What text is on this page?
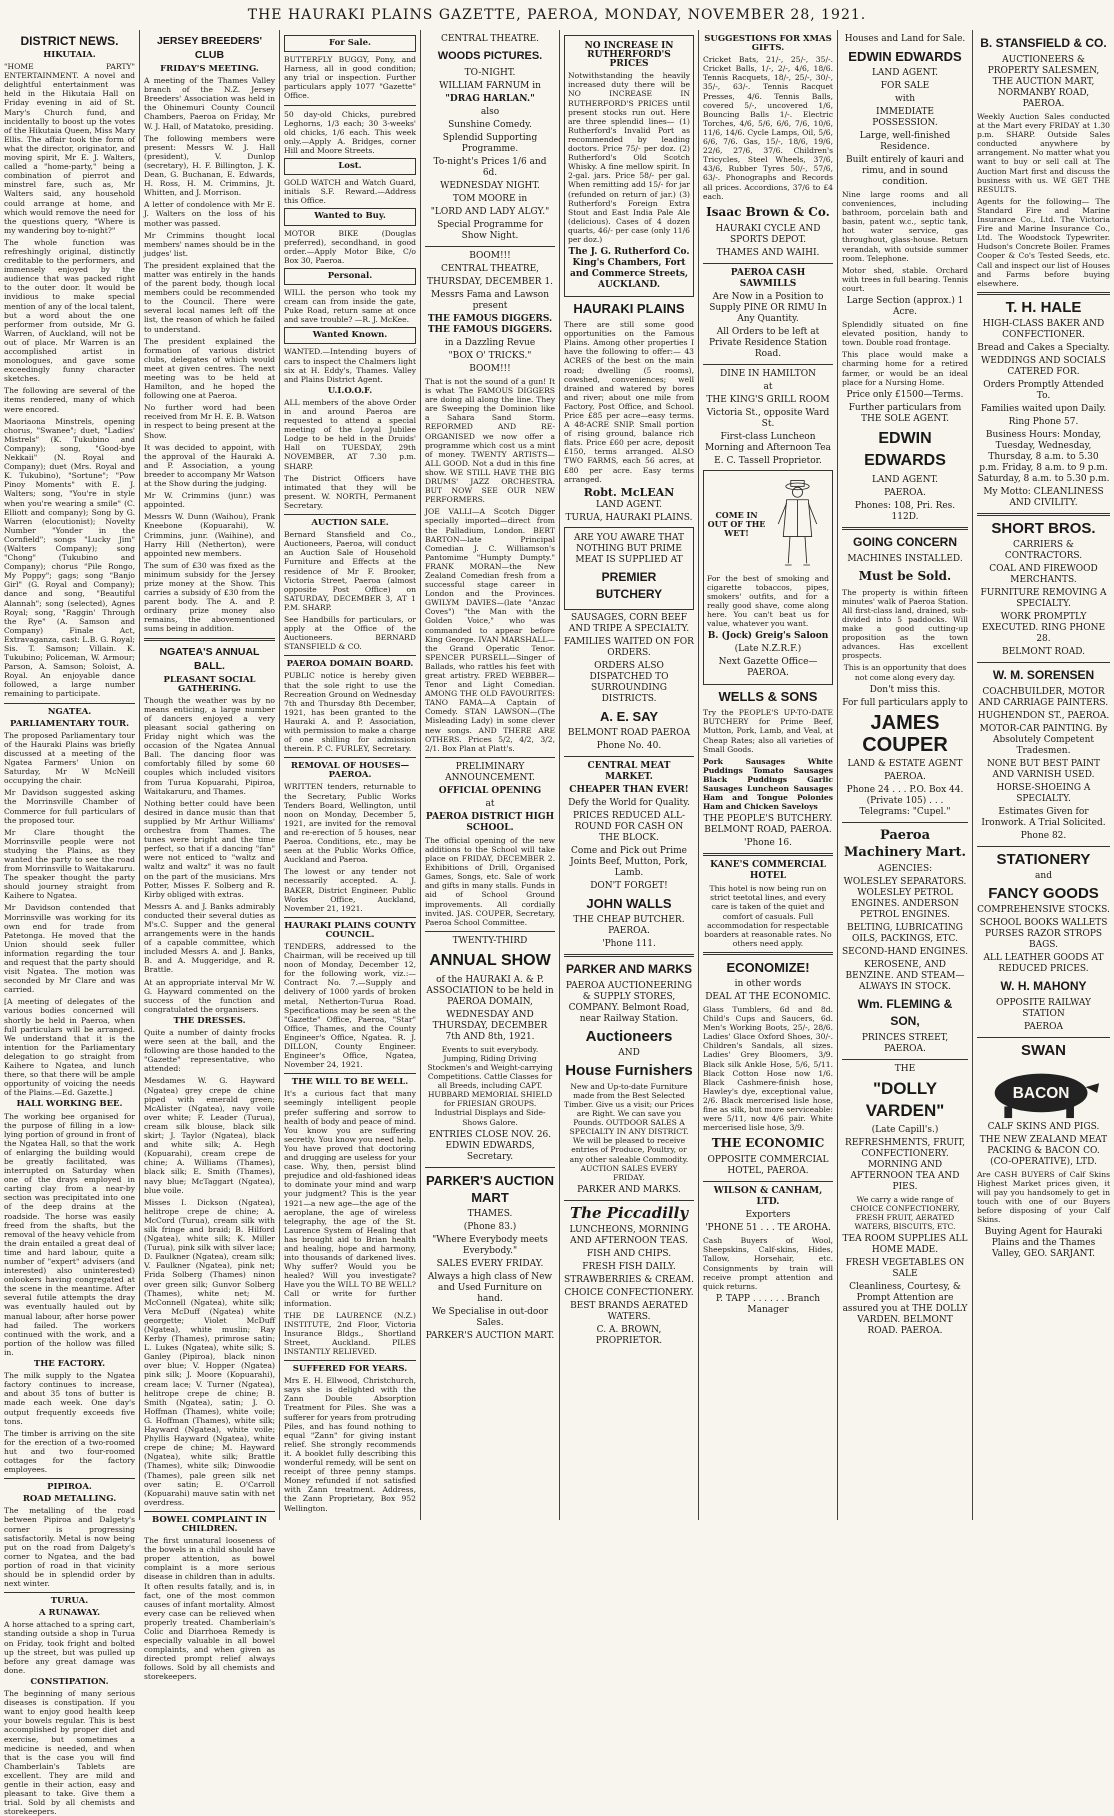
THE HAURAKI PLAINS GAZETTE, PAEROA, MONDAY, NOVEMBER 28, 1921.
DISTRICT NEWS.
HIKUTAIA.

"HOME PARTY" ENTERTAINMENT. A novel and delightful entertainment was held in the Hikutaia Hall on Friday evening in aid of St. Mary's Church fund, and incidentally to boost up the votes of the Hikutaia Queen, Miss Mary Ellis. The affair took the form of what the director, originator, and moving spirit, Mr E. J. Walters, called a "home-party," being a combination of pierrot and minstrel fare, such as, Mr Walters said, any household could arrange at home, and which would remove the need for the questions query, "Where is my wandering boy to-night?"

The whole function was refreshingly original, distinctly creditable to the performers, and immensely enjoyed by the audience that was packed right to the outer door. It would be invidious to make special mention of any of the local talent, but a word about the one performer from outside, Mr G. Warren, of Auckland, will not be out of place. Mr Warren is an accomplished artist in monologues, and gave some exceedingly funny character sketches.

The following are several of the items rendered, many of which were encored.

Maoriaona Minstrels, opening chorus, "Swanee"; duet, "Ladies' Mistrels" (K. Tukubino and Company); song, "Good-bye Nekkaii" (N. Royal and Company); duet (Mrs. Royal and K. Tukubino), "Sortune"; "Pow Pinoy Moments" with E. J. Walters; song, "You're in style when you're wearing a smile" (C. Elliott and company); Song by G. Warren (elocutionist); Novelty Number "Yonder in the Cornfield"; songs "Lucky Jim" (Walters Company); song "Chong" (Tukubino and Company); chorus "Pile Rongo, My Poppy"; gags; song "Banjo Girl" (G. Royal and Company); dance and song, "Beautiful Alannah"; song (selected), Agnes Royal; song, "Raggin' Through the Rye" (A. Samson and Company) Finale Act, Extravaganza, cast: L.B. G. Royal; Sis. T. Samson; Villain. K. Tukubino; Policeman, W. Armour; Parson, A. Samson; Soloist, A. Royal. An enjoyable dance followed, a large number remaining to participate.

NGATEA.
PARLIAMENTARY TOUR.

The proposed Parliamentary tour of the Hauraki Plains was briefly discussed at a meeting of the Ngatea Farmers' Union on Saturday, Mr W McNeill occupying the chair.

Mr Davidson suggested asking the Morrinsville Chamber of Commerce for full particulars of the proposed tour.

Mr Clare thought the Morrinsville people were not studying the Plains, as they wanted the party to see the road from Morrinsville to Waitakaruru. The speaker thought the party should journey straight from Kaihere to Ngatea.

Mr Davidson contended that Morrinsville was working for its own end for trade from Patetonga. He moved that the Union should seek fuller information regarding the tour and request that the party should visit Ngatea. The motion was seconded by Mr Clare and was carried.

[A meeting of delegates of the various bodies concerned will shortly be held in Paeroa, when full particulars will be arranged. We understand that it is the intention for the Parliamentary delegation to go straight from Kaihere to Ngatea, and lunch there, so that there will be ample opportunity of voicing the needs of the Plains.—Ed. Gazette.]

HALL WORKING BEE.

The working bee organised for the purpose of filling in a low-lying portion of ground in front of the Ngatea Hall, so that the work of enlarging the building would be greatly facilitated, was interrupted on Saturday when one of the drays employed in carting clay from a near-by section was precipitated into one of the deep drains at the roadside. The horse was easily freed from the shafts, but the removal of the heavy vehicle from the drain entailed a great deal of time and hard labour, quite a number of "expert" advisers (and interested) also uninterested) onlookers having congregated at the scene in the meantime. After several futile attempts the dray was eventually hauled out by manual labour, after horse power had failed. The workers continued with the work, and a portion of the hollow was filled in.

THE FACTORY.

The milk supply to the Ngatea factory continues to increase, and about 35 tons of butter is made each week. One day's output frequently exceeds five tons.

The timber is arriving on the site for the erection of a two-roomed hut and two four-roomed cottages for the factory employees.

PIPIROA.
ROAD METALLING.

The metalling of the road between Pipiroa and Dalgety's corner is progressing satisfactorily. Metal is now being put on the road from Dalgety's corner to Ngatea, and the bad portion of road in that vicinity should be in splendid order by next winter.

TURUA.
A RUNAWAY.

A horse attached to a spring cart, standing outside a shop in Turua on Friday, took fright and bolted up the street, but was pulled up before any great damage was done.

CONSTIPATION.

The beginning of many serious diseases is constipation. If you want to enjoy good health keep your bowels regular. This is best accomplished by proper diet and exercise, but sometimes a medicine is needed, and when that is the case you will find Chamberlain's Tablets are excellent. They are mild and gentle in their action, easy and pleasant to take. Give them a trial. Sold by all chemists and storekeepers.

JERSEY BREEDERS' CLUB
FRIDAY'S MEETING.

A meeting of the Thames Valley branch of the N.Z. Jersey Breeders' Association was held in the Ohinemuri County Council Chambers, Paeroa on Friday, Mr W. J. Hall, of Matatoko, presiding.

The following members were present: Messrs W. J. Hall (president), V. Dunlop (secretary), H. F. Billington, J. K. Dean, G. Buchanan, E. Edwards, H. Ross, H. M. Crimmins, Jt. Whitten, and J. Morrison.

A letter of condolence with Mr E. J. Walters on the loss of his mother was passed.

Mr Crimmins thought local members' names should be in the judges' list.

The president explained that the matter was entirely in the hands of the parent body, though local members could be recommended to the Council. There were several local names left off the list, the reason of which he failed to understand.

The president explained the formation of various district clubs, delegates of which would meet at given centres. The next meeting was to be held at Hamilton, and he hoped the following one at Paeroa.

No further word had been received from Mr H. E. B. Watson in respect to being present at the Show.

It was decided to appoint, with the approval of the Hauraki A. and P. Association, a young breeder to accompany Mr Watson at the Show during the judging.

Mr W. Crimmins (junr.) was appointed.

Messrs W. Dunn (Waihou), Frank Kneebone (Kopuarahi), W. Crimmins, junr. (Waihine), and Harry Hill (Netherton), were appointed new members.

The sum of £30 was fixed as the minimum subsidy for the Jersey prize money at the Show. This carries a subsidy of £30 from the parent body. The A. and P. ordinary prize money also remains, the abovementioned sums being in addition.

NGATEA'S ANNUAL BALL.
PLEASANT SOCIAL GATHERING.

Though the weather was by no means enticing, a large number of dancers enjoyed a very pleasant social gathering on Friday night which was the occasion of the Ngatea Annual Ball. The dancing floor was comfortably filled by some 60 couples which included visitors from Turua Kopuarahi, Pipiroa, Waitakaruru, and Thames.

Nothing better could have been desired in dance music than that supplied by Mr Arthur Williams' orchestra from Thames. The tunes were bright and the time perfect, so that if a dancing "fan" were not enticed to "waltz and waltz and waltz" it was no fault on the part of the musicians. Mrs Potter, Misses F. Solberg and R. Kirby obliged with extras.

Messrs A. and J. Banks admirably conducted their several duties as M's.C. Supper and the general arrangements were in the hands of a capable committee, which included Messrs A. and J. Banks, B. and A. Muggeridge, and R. Brattle.

At an appropriate interval Mr W. G. Hayward commented on the success of the function and congratulated the organisers.

THE DRESSES.

Quite a number of dainty frocks were seen at the ball, and the following are those handed to the "Gazette" representative, who attended:

Mesdames W. G. Hayward (Ngatea) grey crepe de chine piped with emerald green; McAlister (Ngatea), navy voile over white; F. Leader (Turua), cream silk blouse, black silk skirt; J. Taylor (Ngatea), black and white silk; A. Hegh (Kopuarahi), cream crepe de chine; A. Williams (Thames), black silk; E. Smith (Thames), navy blue; McTaggart (Ngatea), blue voile.

Misses I. Dickson (Ngatea), helitrope crepe de chine; A. McCord (Turua), cream silk with silk fringe and braid; B. Hilford (Ngatea), white silk; K. Miller (Turua), pink silk with silver lace; D. Faulkner (Ngatea), cream silk; V. Faulkner (Ngatea), pink net; Frida Solberg (Thames) ninon over green silk; Gunvor Solberg (Thames), white net; M. McConnell (Ngatea), white silk; Vera McDuff (Ngatea) white georgette; Violet McDuff (Ngatea), white muslin; Ray Kerby (Thames), primrose satin; L. Lukes (Ngatea), white silk; S. Ganley (Pipiroa), black ninon over blue; V. Hopper (Ngatea) pink silk; J. Moore (Kopuarahi), cream lace; V. Turner (Ngatea), helitrope crepe de chine; B. Smith (Ngatea), satin; J. O. Hoffman (Thames), white voile; G. Hoffman (Thames), white silk; Hayward (Ngatea), white voile; Phyllis Hayward (Ngatea), white crepe de chine; M. Hayward (Ngatea), white silk; Brattle (Thames), white silk; Dinwoodie (Thames), pale green silk net over satin; E. O'Carroll (Kopuarahi) mauve satin with net overdress.

BOWEL COMPLAINT IN CHILDREN.

The first unnatural looseness of the bowels in a child should have proper attention, as bowel complaint is a more serious disease in children than in adults. It often results fatally, and is, in fact, one of the most common causes of infant mortality. Almost every case can be relieved when properly treated. Chamberlain's Colic and Diarrhoea Remedy is especially valuable in all bowel complaints, and when given as directed prompt relief always follows. Sold by all chemists and storekeepers.

For Sale.

BUTTERFLY BUGGY, Pony, and Harness, all in good condition; any trial or inspection. Further particulars apply 1077 "Gazette" Office.

50 day-old Chicks, purebred Leghorns, 1/3 each; 30 3-weeks' old chicks, 1/6 each. This week only.—Apply A. Bridges, corner Hill and Moore Streets.

Lost.

GOLD WATCH and Watch Guard, initials S.F. Reward.—Address this Office.

Wanted to Buy.

MOTOR BIKE (Douglas preferred), secondhand, in good order.—Apply Motor Bike, C/o Box 30, Paeroa.

Personal.

WILL the person who took my cream can from inside the gate, Puke Road, return same at once and save trouble? —R. J. McKee.

Wanted Known.

WANTED.—Intending buyers of cars to inspect the Chalmers light six at H. Eddy's, Thames. Valley and Plains District Agent.

U.I.O.O.F.

ALL members of the above Order in and around Paeroa are requested to attend a special meeting of the Loyal Jubilee Lodge to be held in the Druids' Hall on TUESDAY, 29th NOVEMBER, AT 7.30 p.m. SHARP.

The District Officers have intimated that they will be present. W. NORTH, Permanent Secretary.

AUCTION SALE.

Bernard Stansfield and Co., Auctioneers, Paeroa, will conduct an Auction Sale of Household Furniture and Effects at the residence of Mr F. Brooker, Victoria Street, Paeroa (almost opposite Post Office) on SATURDAY, DECEMBER 3, AT 1 P.M. SHARP.

See Handbills for particulars, or apply at the Office of the Auctioneers. BERNARD STANSFIELD & CO.

PAEROA DOMAIN BOARD.

PUBLIC notice is hereby given that the sole right to use the Recreation Ground on Wednesday 7th and Thursday 8th December, 1921, has been granted to the Hauraki A. and P. Association, with permission to make a charge of one shilling for admission therein. P. C. FURLEY, Secretary.

REMOVAL OF HOUSES—PAEROA.

WRITTEN tenders, returnable to the Secretary, Public Works Tenders Board, Wellington, until noon on Monday, December 5, 1921, are invited for the removal and re-erection of 5 houses, near Paeroa. Conditions, etc., may be seen at the Public Works Office, Auckland and Paeroa.

The lowest or any tender not necessarily accepted. A. J. BAKER, District Engineer. Public Works Office, Auckland, November 21, 1921.

HAURAKI PLAINS COUNTY COUNCIL.

TENDERS, addressed to the Chairman, will be received up till noon of Monday, December 12, for the following work, viz.:—Contract No. 7.—Supply and delivery of 1000 yards of broken metal, Netherton-Turua Road. Specifications may be seen at the "Gazette" Office, Paeroa, "Star" Office, Thames, and the County Engineer's Office, Ngatea. R. J. DILLON, County Engineer. Engineer's Office, Ngatea, November 24, 1921.

THE WILL TO BE WELL.

It's a curious fact that many seemingly intelligent people prefer suffering and sorrow to health of body and peace of mind. You know you are suffering secretly. You know you need help. You have proved that doctoring and drugging are useless for your case. Why, then, persist blind prejudice and old-fashioned ideas to dominate your mind and warp your judgment? This is the year 1921—a new age—the age of the aeroplane, the age of wireless telegraphy, the age of the St. Laurence System of Healing that has brought aid to Brian health and healing, hope and harmony, into thousands of darkened lives. Why suffer? Would you be healed? Will you investigate? Have you the WILL TO BE WELL? Call or write for further information.

THE DE LAURENCE (N.Z.) INSTITUTE, 2nd Floor, Victoria Insurance Bldgs., Shortland Street, Auckland. PILES INSTANTLY RELIEVED.

SUFFERED FOR YEARS.

Mrs E. H. Ellwood, Christchurch, says she is delighted with the Zann Double Absorption Treatment for Piles. She was a sufferer for years from protruding Piles, and has found nothing to equal "Zann" for giving instant relief. She strongly recommends it. A booklet fully describing this wonderful remedy, will be sent on receipt of three penny stamps. Money refunded if not satisfied with Zann treatment. Address, the Zann Proprietary, Box 952 Wellington.

CENTRAL THEATRE.
WOODS PICTURES.
TO-NIGHT.
WILLIAM FARNUM in
"DRAG HARLAN."
also
Sunshine Comedy.
Splendid Supporting Programme.
To-night's Prices 1/6 and 6d.
WEDNESDAY NIGHT.
TOM MOORE in
"LORD AND LADY ALGY."
Special Programme for Show Night.
BOOM!!!
CENTRAL THEATRE,
THURSDAY, DECEMBER 1.
Messrs Fama and Lawson present
THE FAMOUS DIGGERS. THE FAMOUS DIGGERS.
in a Dazzling Revue
"BOX O' TRICKS."
BOOM!!!

That is not the sound of a gun! It is what The FAMOUS DIGGERS are doing all along the line. They are Sweeping the Dominion like a Sahara Sand Storm. REFORMED AND RE-ORGANISED we now offer a programme which cost us a mint of money. TWENTY ARTISTS—ALL GOOD. Not a dud in this fine show. WE STILL HAVE THE BIG DRUMS' JAZZ ORCHESTRA. BUT NOW SEE OUR NEW PERFORMERS.

JOE VALLI—A Scotch Digger specially imported—direct from the Palladium, London. BERT BARTON—late Principal Comedian J. C. Williamson's Pantomime "Humpty Dumpty." FRANK MORAN—the New Zealand Comedian fresh from a successful stage career in London and the Provinces. GWILYM DAVIES—(late "Anzac Coves") "the Man with the Golden Voice," who was commanded to appear before King George. IVAN MARSHALL—the Grand Operatic Tenor. SPENCER PURSELL—Singer of Ballads, who rattles his feet with great artistry. FRED WEBBER—Tenor and Light Comedian. AMONG THE OLD FAVOURITES: TANO FAMA—A Captain of Comedy. STAN LAWSON—(The Misleading Lady) in some clever new songs. AND THERE ARE OTHERS. Prices 5/2, 4/2, 3/2, 2/1. Box Plan at Platt's.

PRELIMINARY ANNOUNCEMENT.
OFFICIAL OPENING
at
PAEROA DISTRICT HIGH SCHOOL.

The official opening of the new additions to the School will take place on FRIDAY, DECEMBER 2. Exhibitions of Drill, Organised Games, Songs, etc. Sale of work and gifts in many stalls. Funds in aid of School Ground improvements. All cordially invited. JAS. COUPER, Secretary, Paeroa School Committee.

TWENTY-THIRD
ANNUAL SHOW
of the HAURAKI A. & P. ASSOCIATION to be held in PAEROA DOMAIN,
WEDNESDAY AND THURSDAY, DECEMBER 7th AND 8th, 1921.

Events to suit everybody. Jumping, Riding Driving Stockmen's and Weight-carrying Competitions. Cattle Classes for all Breeds, including CAPT. HUBBARD MEMORIAL SHIELD for FRIESIAN GROUPS. Industrial Displays and Side-Shows Galore.

ENTRIES CLOSE NOV. 26. EDWIN EDWARDS, Secretary.
PARKER'S AUCTION MART
THAMES.
(Phone 83.)
"Where Everybody meets Everybody."
SALES EVERY FRIDAY.
Always a high class of New and Used Furniture on hand.
We Specialise in out-door Sales.
PARKER'S AUCTION MART.
NO INCREASE IN RUTHERFORD'S PRICES

Notwithstanding the heavily increased duty there will be NO INCREASE IN RUTHERFORD'S PRICES until present stocks run out. Here are three splendid lines— (1) Rutherford's Invalid Port as recommended by leading doctors. Price 75/- per doz. (2) Rutherford's Old Scotch Whisky. A fine mellow spirit. In 2-gal. jars. Price 58/- per gal. When remitting add 15/- for jar (refunded on return of jar.) (3) Rutherford's Foreign Extra Stout and East India Pale Ale (delicious). Cases of 4 dozen quarts, 46/- per case (only 11/6 per doz.)

The J. G. Rutherford Co. King's Chambers, Fort and Commerce Streets, AUCKLAND.
HAURAKI PLAINS

There are still some good opportunities on the Famous Plains. Among other properties I have the following to offer:— 43 ACRES of the best on the main road; dwelling (5 rooms), cowshed, conveniences; well drained and watered by bores and river; about one mile from Factory, Post Office, and School. Price £85 per acre—easy terms. A 48-ACRE SNIP. Small portion of rising ground, balance rich flats. Price £60 per acre, deposit £150, terms arranged. ALSO TWO FARMS, each 56 acres, at £80 per acre. Easy terms arranged.

Robt. McLEAN
LAND AGENT.
TURUA, HAURAKI PLAINS.
ARE YOU AWARE THAT NOTHING BUT PRIME MEAT IS SUPPLIED AT
PREMIER BUTCHERY
SAUSAGES, CORN BEEF AND TRIPE A SPECIALTY.
FAMILIES WAITED ON FOR ORDERS.
ORDERS ALSO DISPATCHED TO SURROUNDING DISTRICTS.
A. E. SAY
BELMONT ROAD PAEROA
Phone No. 40.
CENTRAL MEAT MARKET.
CHEAPER THAN EVER!
Defy the World for Quality.
PRICES REDUCED ALL-ROUND FOR CASH ON THE BLOCK.
Come and Pick out Prime Joints Beef, Mutton, Pork, Lamb.
DON'T FORGET!
JOHN WALLS
THE CHEAP BUTCHER. PAEROA.
'Phone 111.
PARKER AND MARKS
PAEROA AUCTIONEERING & SUPPLY STORES, COMPANY. Belmont Road, near Railway Station.
Auctioneers
AND
House Furnishers

New and Up-to-date Furniture made from the Best Selected Timber. Give us a visit; our Prices are Right. We can save you Pounds. OUTDOOR SALES A SPECIALTY IN ANY DISTRICT. We will be pleased to receive entries of Produce, Poultry, or any other saleable Commodity. AUCTION SALES EVERY FRIDAY.

PARKER AND MARKS.
The Piccadilly
LUNCHEONS, MORNING AND AFTERNOON TEAS.
FISH AND CHIPS.
FRESH FISH DAILY.
STRAWBERRIES & CREAM.
CHOICE CONFECTIONERY.
BEST BRANDS AERATED WATERS.
C. A. BROWN, PROPRIETOR.
SUGGESTIONS FOR XMAS GIFTS.

Cricket Bats, 21/-, 25/-, 35/-. Cricket Balls, 1/-, 2/-, 4/6, 18/6. Tennis Racquets, 18/-, 25/-, 30/-, 35/-, 63/-. Tennis Racquet Presses, 4/6. Tennis Balls, covered 5/-, uncovered 1/6, Bouncing Balls 1/-. Electric Torches, 4/6, 5/6, 6/6, 7/6, 10/6, 11/6, 14/6. Cycle Lamps, Oil, 5/6, 6/6, 7/6. Gas, 15/-, 18/6, 19/6, 22/6, 27/6, 37/6. Children's Tricycles, Steel Wheels, 37/6, 43/6, Rubber Tyres 50/-, 57/6, 63/-. Phonographs and Records all prices. Accordions, 37/6 to £4 each.

Isaac Brown & Co.
HAURAKI CYCLE AND SPORTS DEPOT.
THAMES AND WAIHI.
PAEROA CASH SAWMILLS
Are Now in a Position to Supply PINE OR RIMU In Any Quantity.
All Orders to be left at Private Residence Station Road.
DINE IN HAMILTON
at
THE KING'S GRILL ROOM
Victoria St., opposite Ward St.
First-class Luncheon Morning and Afternoon Tea
E. C. Tassell Proprietor.
COME IN OUT OF THE WET!

For the best of smoking and cigarette tobaccos, pipes, smokers' outfits, and for a really good shave, come along here. You can't beat us for value, whatever you want.

B. (Jock) Greig's Saloon
(Late N.Z.R.F.)
Next Gazette Office—PAEROA.
WELLS & SONS

Try the PEOPLE'S UP-TO-DATE BUTCHERY for Prime Beef, Mutton, Pork, Lamb, and Veal, at Cheap Rates; also all varieties of Small Goods.

Pork Sausages White Puddings Tomato Sausages Black Puddings Garlic Sausages Luncheon Sausages Ham and Tongue Polonies Ham and Chicken Saveloys

THE PEOPLE'S BUTCHERY. BELMONT ROAD, PAEROA.
'Phone 16.
KANE'S COMMERCIAL HOTEL

This hotel is now being run on strict teetotal lines, and every care is taken of the quiet and comfort of casuals. Full accommodation for respectable boarders at reasonable rates. No others need apply.

ECONOMIZE!
in other words
DEAL AT THE ECONOMIC.

Glass Tumblers, 6d and 8d. Child's Cups and Saucers, 6d. Men's Working Boots, 25/-, 28/6. Ladies' Glace Oxford Shoes, 30/-. Children's Sandals, all sizes. Ladies' Grey Bloomers, 3/9. Black silk Ankle Hose, 5/6, 5/11. Black Cotton Hose now 1/6. Black Cashmere-finish hose, Hawley's dye, exceptional value, 2/6. Black mercerised lisle hose, fine as silk, but more serviceable: were 5/11, now 4/6 pair. White mercerised lisle hose, 3/9.

THE ECONOMIC
OPPOSITE COMMERCIAL HOTEL, PAEROA.
WILSON & CANHAM, LTD.
Exporters
'PHONE 51 . . . TE AROHA.

Cash Buyers of Wool, Sheepskins, Calf-skins, Hides, Tallow, Horsehair, etc. Consignments by train will receive prompt attention and quick returns.

P. TAPP . . . . . . Branch Manager
Houses and Land for Sale.
EDWIN EDWARDS
LAND AGENT.
FOR SALE
with
IMMEDIATE POSSESSION.
Large, well-finished Residence.
Built entirely of kauri and rimu, and in sound condition.

Nine large rooms and all conveniences, including bathroom, porcelain bath and basin, patent w.c., septic tank, hot water service, gas throughout, glass-house. Return verandah, with outside summer room. Telephone.

Motor shed, stable. Orchard with trees in full bearing. Tennis court.

Large Section (approx.) 1 Acre.

Splendidly situated on fine elevated position, handy to town. Double road frontage.

This place would make a charming home for a retired farmer, or would be an ideal place for a Nursing Home.

Price only £1500—Terms.
Further particulars from THE SOLE AGENT.
EDWIN EDWARDS
LAND AGENT.
PAEROA.
Phones: 108, Pri. Res. 112D.
GOING CONCERN
MACHINES INSTALLED.
Must be Sold.

The property is within fifteen minutes' walk of Paeroa Station. All first-class land, drained, sub-divided into 5 paddocks. Will make a good cutting-up proposition as the town advances. Has excellent prospects.

This is an opportunity that does not come along every day.

Don't miss this.
For full particulars apply to
JAMES COUPER
LAND & ESTATE AGENT
PAEROA.
Phone 24 . . . P.O. Box 44. (Private 105) . . . Telegrams: "Cupel."
Paeroa Machinery Mart.
AGENCIES:
WOLESLEY SEPARATORS. WOLESLEY PETROL ENGINES. ANDERSON PETROL ENGINES.
BELTING, LUBRICATING OILS, PACKINGS, ETC.
SECOND-HAND ENGINES.
KEROSENE, AND BENZINE. AND STEAM—ALWAYS IN STOCK.
Wm. FLEMING & SON,
PRINCES STREET, PAEROA.
THE
"DOLLY VARDEN"
(Late Capill's.)
REFRESHMENTS, FRUIT, CONFECTIONERY. MORNING AND AFTERNOON TEA AND PIES.

We carry a wide range of CHOICE CONFECTIONERY, FRESH FRUIT, AERATED WATERS, BISCUITS, ETC.

TEA ROOM SUPPLIES ALL HOME MADE.
FRESH VEGETABLES ON SALE
Cleanliness, Courtesy, & Prompt Attention are assured you at THE DOLLY VARDEN. BELMONT ROAD. PAEROA.
B. STANSFIELD & CO.
AUCTIONEERS & PROPERTY SALESMEN, THE AUCTION MART, NORMANBY ROAD, PAEROA.

Weekly Auction Sales conducted at the Mart every FRIDAY at 1.30 p.m. SHARP. Outside Sales conducted anywhere by arrangement. No matter what you want to buy or sell call at The Auction Mart first and discuss the business with us. WE GET THE RESULTS.

Agents for the following— The Standard Fire and Marine Insurance Co., Ltd. The Victoria Fire and Marine Insurance Co., Ltd. The Woodstock Typewriter. Hudson's Concrete Boiler. Frames Cooper & Co's Tested Seeds, etc. Call and inspect our list of Houses and Farms before buying elsewhere.

T. H. HALE
HIGH-CLASS BAKER AND CONFECTIONER.
Bread and Cakes a Specialty.
WEDDINGS AND SOCIALS CATERED FOR.
Orders Promptly Attended To.
Families waited upon Daily.
Ring Phone 57.
Business Hours: Monday, Tuesday, Wednesday, Thursday, 8 a.m. to 5.30 p.m. Friday, 8 a.m. to 9 p.m. Saturday, 8 a.m. to 5.30 p.m.
My Motto: CLEANLINESS AND CIVILITY.
SHORT BROS.
CARRIERS & CONTRACTORS.
COAL AND FIREWOOD MERCHANTS.
FURNITURE REMOVING A SPECIALTY.
WORK PROMPTLY EXECUTED. RING PHONE 28.
BELMONT ROAD.
W. M. SORENSEN
COACHBUILDER, MOTOR AND CARRIAGE PAINTERS.
HUGHENDON ST., PAEROA.
MOTOR-CAR PAINTING. By Absolutely Competent Tradesmen.
NONE BUT BEST PAINT AND VARNISH USED.
HORSE-SHOEING A SPECIALTY.
Estimates Given for Ironwork. A Trial Solicited.
Phone 82.
STATIONERY
and
FANCY GOODS
COMPREHENSIVE STOCKS.
SCHOOL BOOKS WALLETS PURSES RAZOR STROPS BAGS.
ALL LEATHER GOODS AT REDUCED PRICES.
W. H. MAHONY
OPPOSITE RAILWAY STATION
PAEROA
SWAN
BACON
CALF SKINS AND PIGS.
THE NEW ZEALAND MEAT PACKING & BACON CO. (CO-OPERATIVE), LTD.

Are CASH BUYERS of Calf Skins Highest Market prices given, it will pay you handsomely to get in touch with one of our Buyers before disposing of your Calf Skins.

Buying Agent for Hauraki Plains and the Thames Valley, GEO. SARJANT.
